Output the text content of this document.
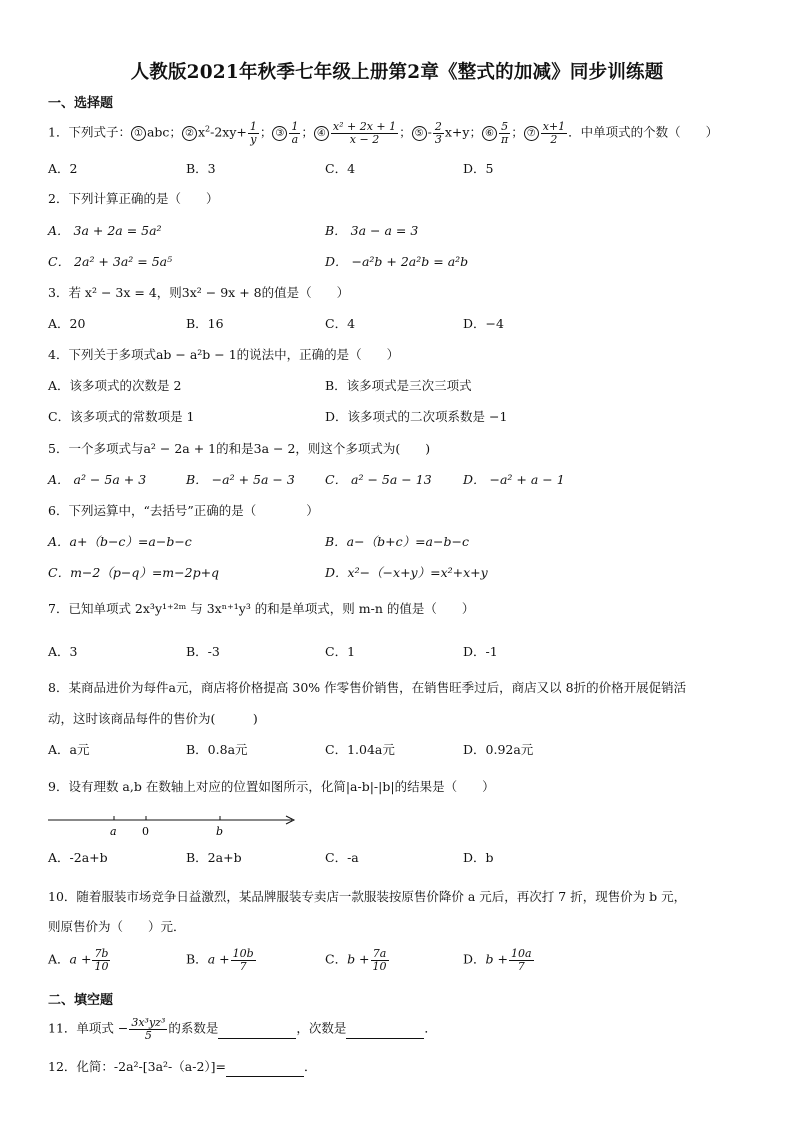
人教版2021年秋季七年级上册第2章《整式的加减》同步训练题
一、选择题
1．下列式子： ① abc； ② $x^2-2xy+ \frac{1}{y}$ ； ③ $\frac{1}{a}$ ； ④ $\frac{\text{x² + 2x + 1}}{x - 2}$ ； ⑤ - $\frac{2}{3} x+y$； ⑥ $\frac{5}{\pi}$ ； ⑦ $\frac{x+1}{2}$ ．中单项式的个数（　　）
A．2	B．3	C．4	D．5
2．下列计算正确的是（　　）
A． 3a + 2a = 5a²	B． 3a − a = 3
C． 2a² + 3a² = 5a⁵	D． −a²b + 2a²b = a²b
3．若 x² − 3x = 4，则3x² − 9x + 8的值是（　　）
A．20	B．16	C．4	D．−4
4．下列关于多项式ab − a²b − 1的说法中，正确的是（　　）
A．该多项式的次数是 2	B．该多项式是三次三项式
C．该多项式的常数项是 1	D．该多项式的二次项系数是 −1
5．一个多项式与a² − 2a + 1的和是3a − 2，则这个多项式为(　　)
A． a² − 5a + 3	B． −a² + 5a − 3 C． a² − 5a − 13	D． −a² + a − 1
6．下列运算中，“去括号”正确的是（　　　　）
A．a+（b−c）=a−b−c	B．a−（b+c）=a−b−c
C．m−2（p−q）=m−2p+q	D．x²−（−x+y）=x²+x+y
7．已知单项式 2x³y¹⁺²ᵐ 与 3xⁿ⁺¹y³ 的和是单项式，则 m-n 的值是（　　）
A．3	B．-3	C．1	D．-1
8．某商品进价为每件a元，商店将价格提高 30% 作零售价销售，在销售旺季过后，商店又以 8折的价格开展促销活
动，这时该商品每件的售价为(　　　)
A．a元	B．0.8a元	C．1.04a元	D．0.92a元
9．设有理数 a,b 在数轴上对应的位置如图所示，化简|a-b|-|b|的结果是（　　）
a 0	b
A．-2a+b	B．2a+b	C．-a	D．b
10．随着服装市场竞争日益激烈，某品牌服装专卖店一款服装按原售价降价 a 元后，再次打 7 折，现售价为 b 元，
则原售价为（　　）元．
A．$a + \frac{7b}{10}$	B．$a + \frac{10b}{7}$	C．$b + \frac{7a}{10}$	D．$b + \frac{10a}{7}$
二、填空题
11．单项式 − $\frac{\text{3x³yz³}}{5}$ 的系数是	，次数是	．
12．化简：-2a²-[3a²-（a-2）]=	．
